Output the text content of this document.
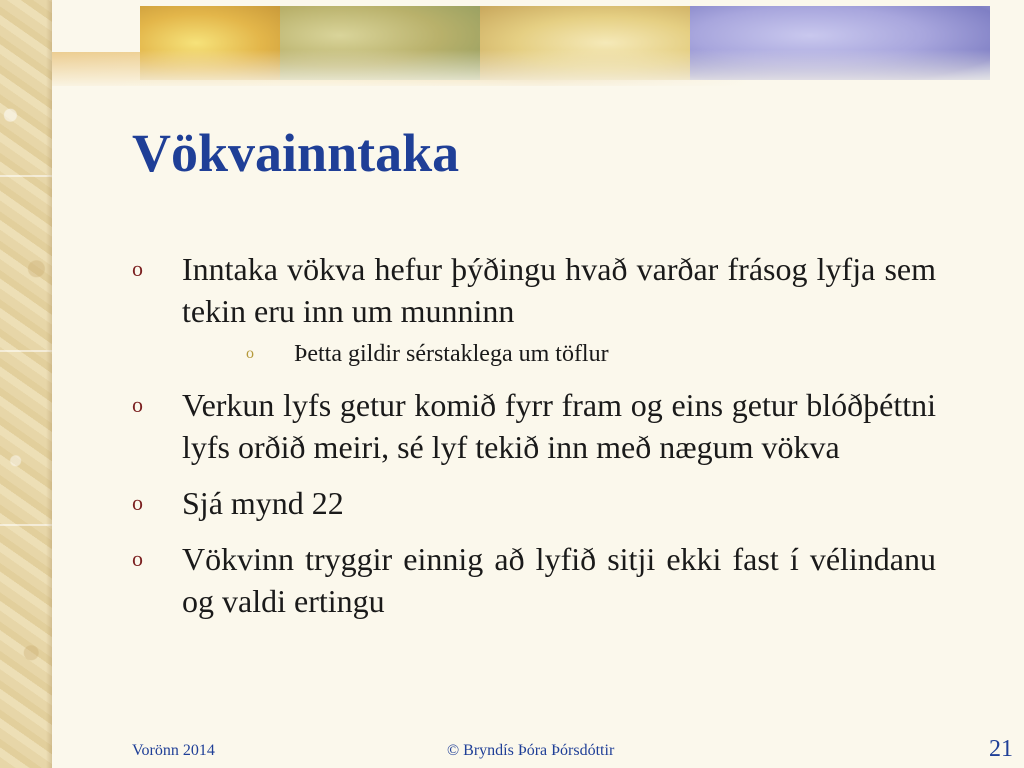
Vökvainntaka
o Inntaka vökva hefur þýðingu hvað varðar frásog lyfja sem tekin eru inn um munninn
o Þetta gildir sérstaklega um töflur
o Verkun lyfs getur komið fyrr fram og eins getur blóðþéttni lyfs orðið meiri, sé lyf tekið inn með nægum vökva
o Sjá mynd 22
o Vökvinn tryggir einnig að lyfið sitji ekki fast í vélindanu og valdi ertingu
Vorönn 2014	© Bryndís Þóra Þórsdóttir	21
